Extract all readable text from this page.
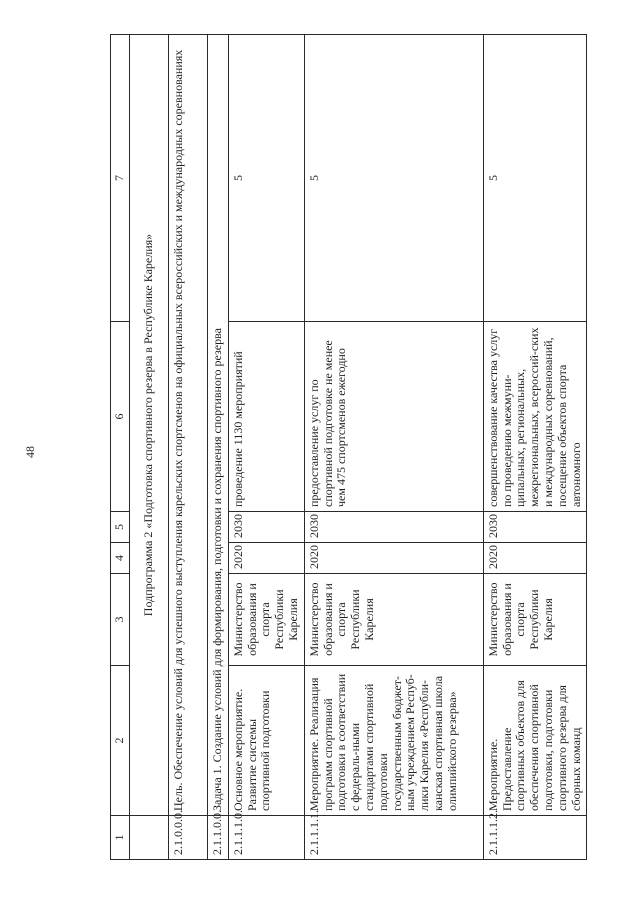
48
1	2	3	4	5	6	7
	Подпрограмма 2 «Подготовка спортивного резерва в Республике Карелия»					
2.1.0.0.0.	Цель. Обеспечение условий для успешного выступления карельских спортсменов на официальных всероссийских и международных соревнованиях					
2.1.1.0.0.	Задача 1. Создание условий для формирования, подготовки и сохранения спортивного резерва					
2.1.1.1.0.	Основное мероприятие. Развитие системы спортивной подготовки	Министерство образования и спорта Республики Карелия	2020	2030	проведение 1130 мероприятий	5
2.1.1.1.1.	Мероприятие. Реализация программ спортивной подготовки в соответствии с федераль-ными стандартами спортивной подготовки государственным бюджет-ным учреждением Респуб-лики Карелия «Республи-канская спортивная школа олимпийского резерва»	Министерство образования и спорта Республики Карелия	2020	2030	предоставление услуг по спортивной подготовке не менее чем 475 спортсменов ежегодно	5
2.1.1.1.2.	Мероприятие. Предоставление спортивных объектов для обеспечения спортивной подготовки, подготовки спортивного резерва для сборных команд	Министерство образования и спорта Республики Карелия	2020	2030	совершенствование качества услуг по проведению межмуни-ципальных, региональных, межрегиональных, всероссий-ских и международных соревнований, посещение объектов спорта автономного	5
